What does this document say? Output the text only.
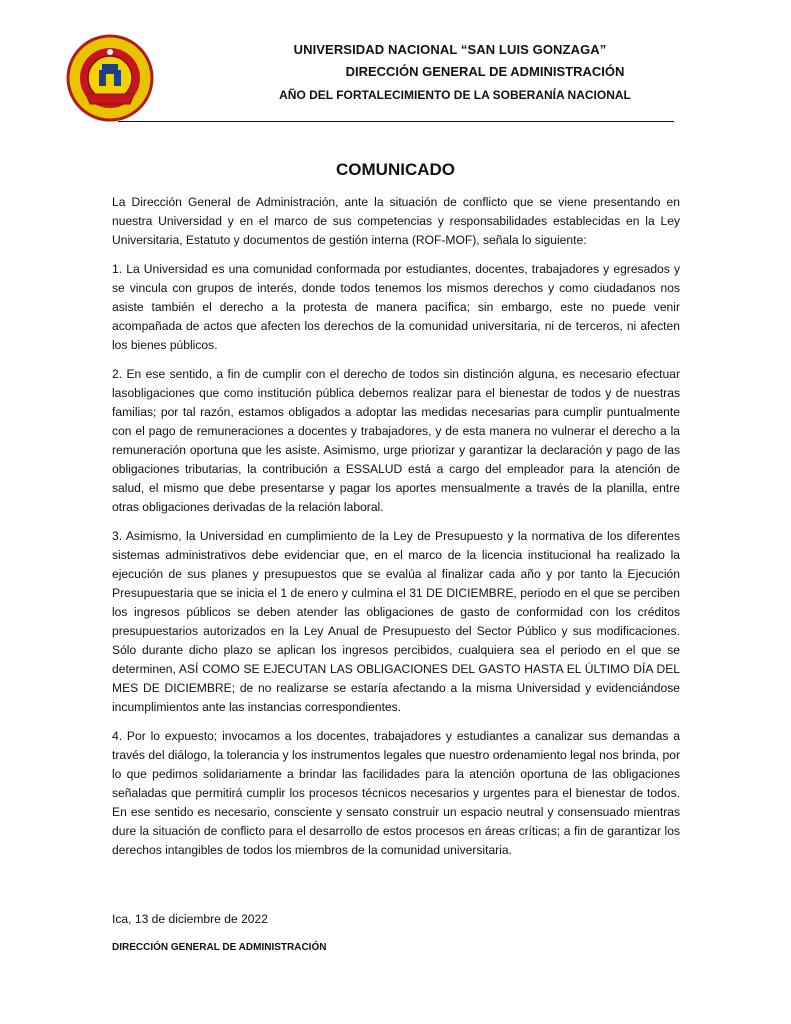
UNIVERSIDAD NACIONAL “SAN LUIS GONZAGA”
DIRECCIÓN GENERAL DE ADMINISTRACIÓN
AÑO DEL FORTALECIMIENTO DE LA SOBERANÍA NACIONAL
COMUNICADO

La Dirección General de Administración, ante la situación de conflicto que se viene presentando en nuestra Universidad y en el marco de sus competencias y responsabilidades establecidas en la Ley Universitaria, Estatuto y documentos de gestión interna (ROF-MOF), señala lo siguiente:

1. La Universidad es una comunidad conformada por estudiantes, docentes, trabajadores y egresados y se vincula con grupos de interés, donde todos tenemos los mismos derechos y como ciudadanos nos asiste también el derecho a la protesta de manera pacífica; sin embargo, este no puede venir acompañada de actos que afecten los derechos de la comunidad universitaria, ni de terceros, ni afecten los bienes públicos.

2. En ese sentido, a fin de cumplir con el derecho de todos sin distinción alguna, es necesario efectuar lasobligaciones que como institución pública debemos realizar para el bienestar de todos y de nuestras familias; por tal razón, estamos obligados a adoptar las medidas necesarias para cumplir puntualmente con el pago de remuneraciones a docentes y trabajadores, y de esta manera no vulnerar el derecho a la remuneración oportuna que les asiste. Asimismo, urge priorizar y garantizar la declaración y pago de las obligaciones tributarias, la contribución a ESSALUD está a cargo del empleador para la atención de salud, el mismo que debe presentarse y pagar los aportes mensualmente a través de la planilla, entre otras obligaciones derivadas de la relación laboral.

3. Asimismo, la Universidad en cumplimiento de la Ley de Presupuesto y la normativa de los diferentes sistemas administrativos debe evidenciar que, en el marco de la licencia institucional ha realizado la ejecución de sus planes y presupuestos que se evalúa al finalizar cada año y por tanto la Ejecución Presupuestaria que se inicia el 1 de enero y culmina el 31 DE DICIEMBRE, periodo en el que se perciben los ingresos públicos se deben atender las obligaciones de gasto de conformidad con los créditos presupuestarios autorizados en la Ley Anual de Presupuesto del Sector Público y sus modificaciones. Sólo durante dicho plazo se aplican los ingresos percibidos, cualquiera sea el periodo en el que se determinen, ASÍ COMO SE EJECUTAN LAS OBLIGACIONES DEL GASTO HASTA EL ÚLTIMO DÍA DEL MES DE DICIEMBRE; de no realizarse se estaría afectando a la misma Universidad y evidenciándose incumplimientos ante las instancias correspondientes.

4. Por lo expuesto; invocamos a los docentes, trabajadores y estudiantes a canalizar sus demandas a través del diálogo, la tolerancia y los instrumentos legales que nuestro ordenamiento legal nos brinda, por lo que pedimos solidariamente a brindar las facilidades para la atención oportuna de las obligaciones señaladas que permitirá cumplir los procesos técnicos necesarios y urgentes para el bienestar de todos. En ese sentido es necesario, consciente y sensato construir un espacio neutral y consensuado mientras dure la situación de conflicto para el desarrollo de estos procesos en áreas críticas; a fin de garantizar los derechos intangibles de todos los miembros de la comunidad universitaria.

Ica, 13 de diciembre de 2022
DIRECCIÓN GENERAL DE ADMINISTRACIÓN
